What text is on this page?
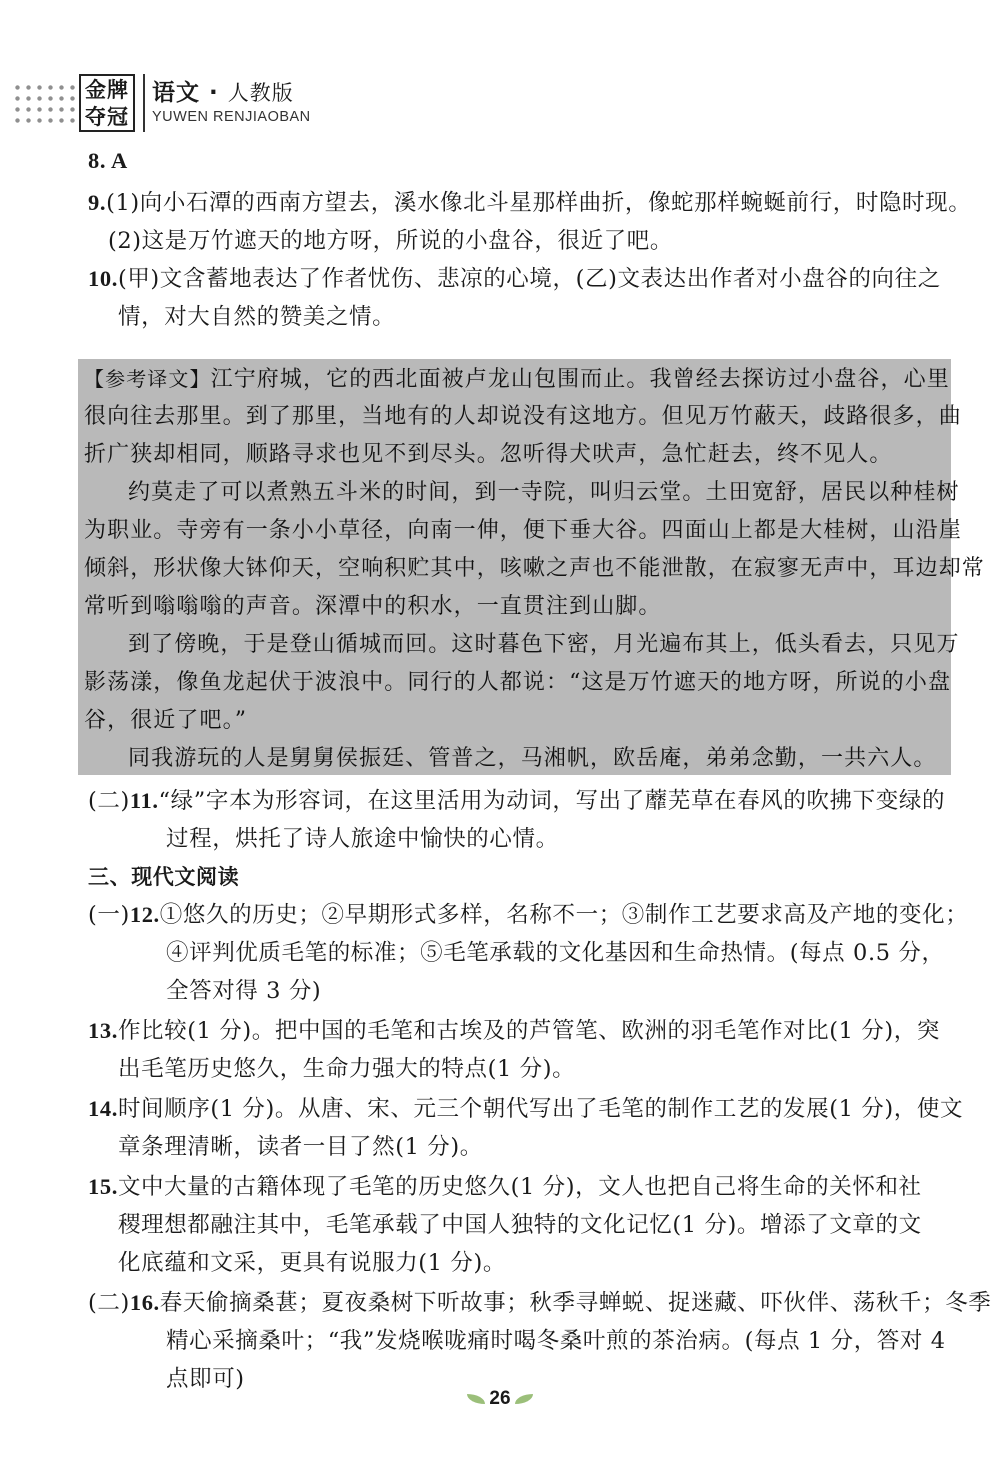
金牌
夺冠
语文 · 人教版
YUWEN RENJIAOBAN
8. A
9.(1)向小石潭的西南方望去，溪水像北斗星那样曲折，像蛇那样蜿蜒前行，时隐时现。
(2)这是万竹遮天的地方呀，所说的小盘谷，很近了吧。
10.(甲)文含蓄地表达了作者忧伤、悲凉的心境，(乙)文表达出作者对小盘谷的向往之
情，对大自然的赞美之情。
【参考译文】江宁府城，它的西北面被卢龙山包围而止。我曾经去探访过小盘谷，心里
很向往去那里。到了那里，当地有的人却说没有这地方。但见万竹蔽天，歧路很多，曲
折广狭却相同，顺路寻求也见不到尽头。忽听得犬吠声，急忙赶去，终不见人。
约莫走了可以煮熟五斗米的时间，到一寺院，叫归云堂。土田宽舒，居民以种桂树
为职业。寺旁有一条小小草径，向南一伸，便下垂大谷。四面山上都是大桂树，山沿崖
倾斜，形状像大钵仰天，空响积贮其中，咳嗽之声也不能泄散，在寂寥无声中，耳边却常
常听到嗡嗡嗡的声音。深潭中的积水，一直贯注到山脚。
到了傍晚，于是登山循城而回。这时暮色下密，月光遍布其上，低头看去，只见万
影荡漾，像鱼龙起伏于波浪中。同行的人都说：“这是万竹遮天的地方呀，所说的小盘
谷，很近了吧。”
同我游玩的人是舅舅侯振廷、管普之，马湘帆，欧岳庵，弟弟念勤，一共六人。
(二)11.“绿”字本为形容词，在这里活用为动词，写出了蘼芜草在春风的吹拂下变绿的
过程，烘托了诗人旅途中愉快的心情。
三、现代文阅读
(一)12.①悠久的历史；②早期形式多样，名称不一；③制作工艺要求高及产地的变化；
④评判优质毛笔的标准；⑤毛笔承载的文化基因和生命热情。(每点 0.5 分，
全答对得 3 分)
13.作比较(1 分)。把中国的毛笔和古埃及的芦管笔、欧洲的羽毛笔作对比(1 分)，突
出毛笔历史悠久，生命力强大的特点(1 分)。
14.时间顺序(1 分)。从唐、宋、元三个朝代写出了毛笔的制作工艺的发展(1 分)，使文
章条理清晰，读者一目了然(1 分)。
15.文中大量的古籍体现了毛笔的历史悠久(1 分)，文人也把自己将生命的关怀和社
稷理想都融注其中，毛笔承载了中国人独特的文化记忆(1 分)。增添了文章的文
化底蕴和文采，更具有说服力(1 分)。
(二)16.春天偷摘桑葚；夏夜桑树下听故事；秋季寻蝉蜕、捉迷藏、吓伙伴、荡秋千；冬季
精心采摘桑叶；“我”发烧喉咙痛时喝冬桑叶煎的茶治病。(每点 1 分，答对 4
点即可)
26
